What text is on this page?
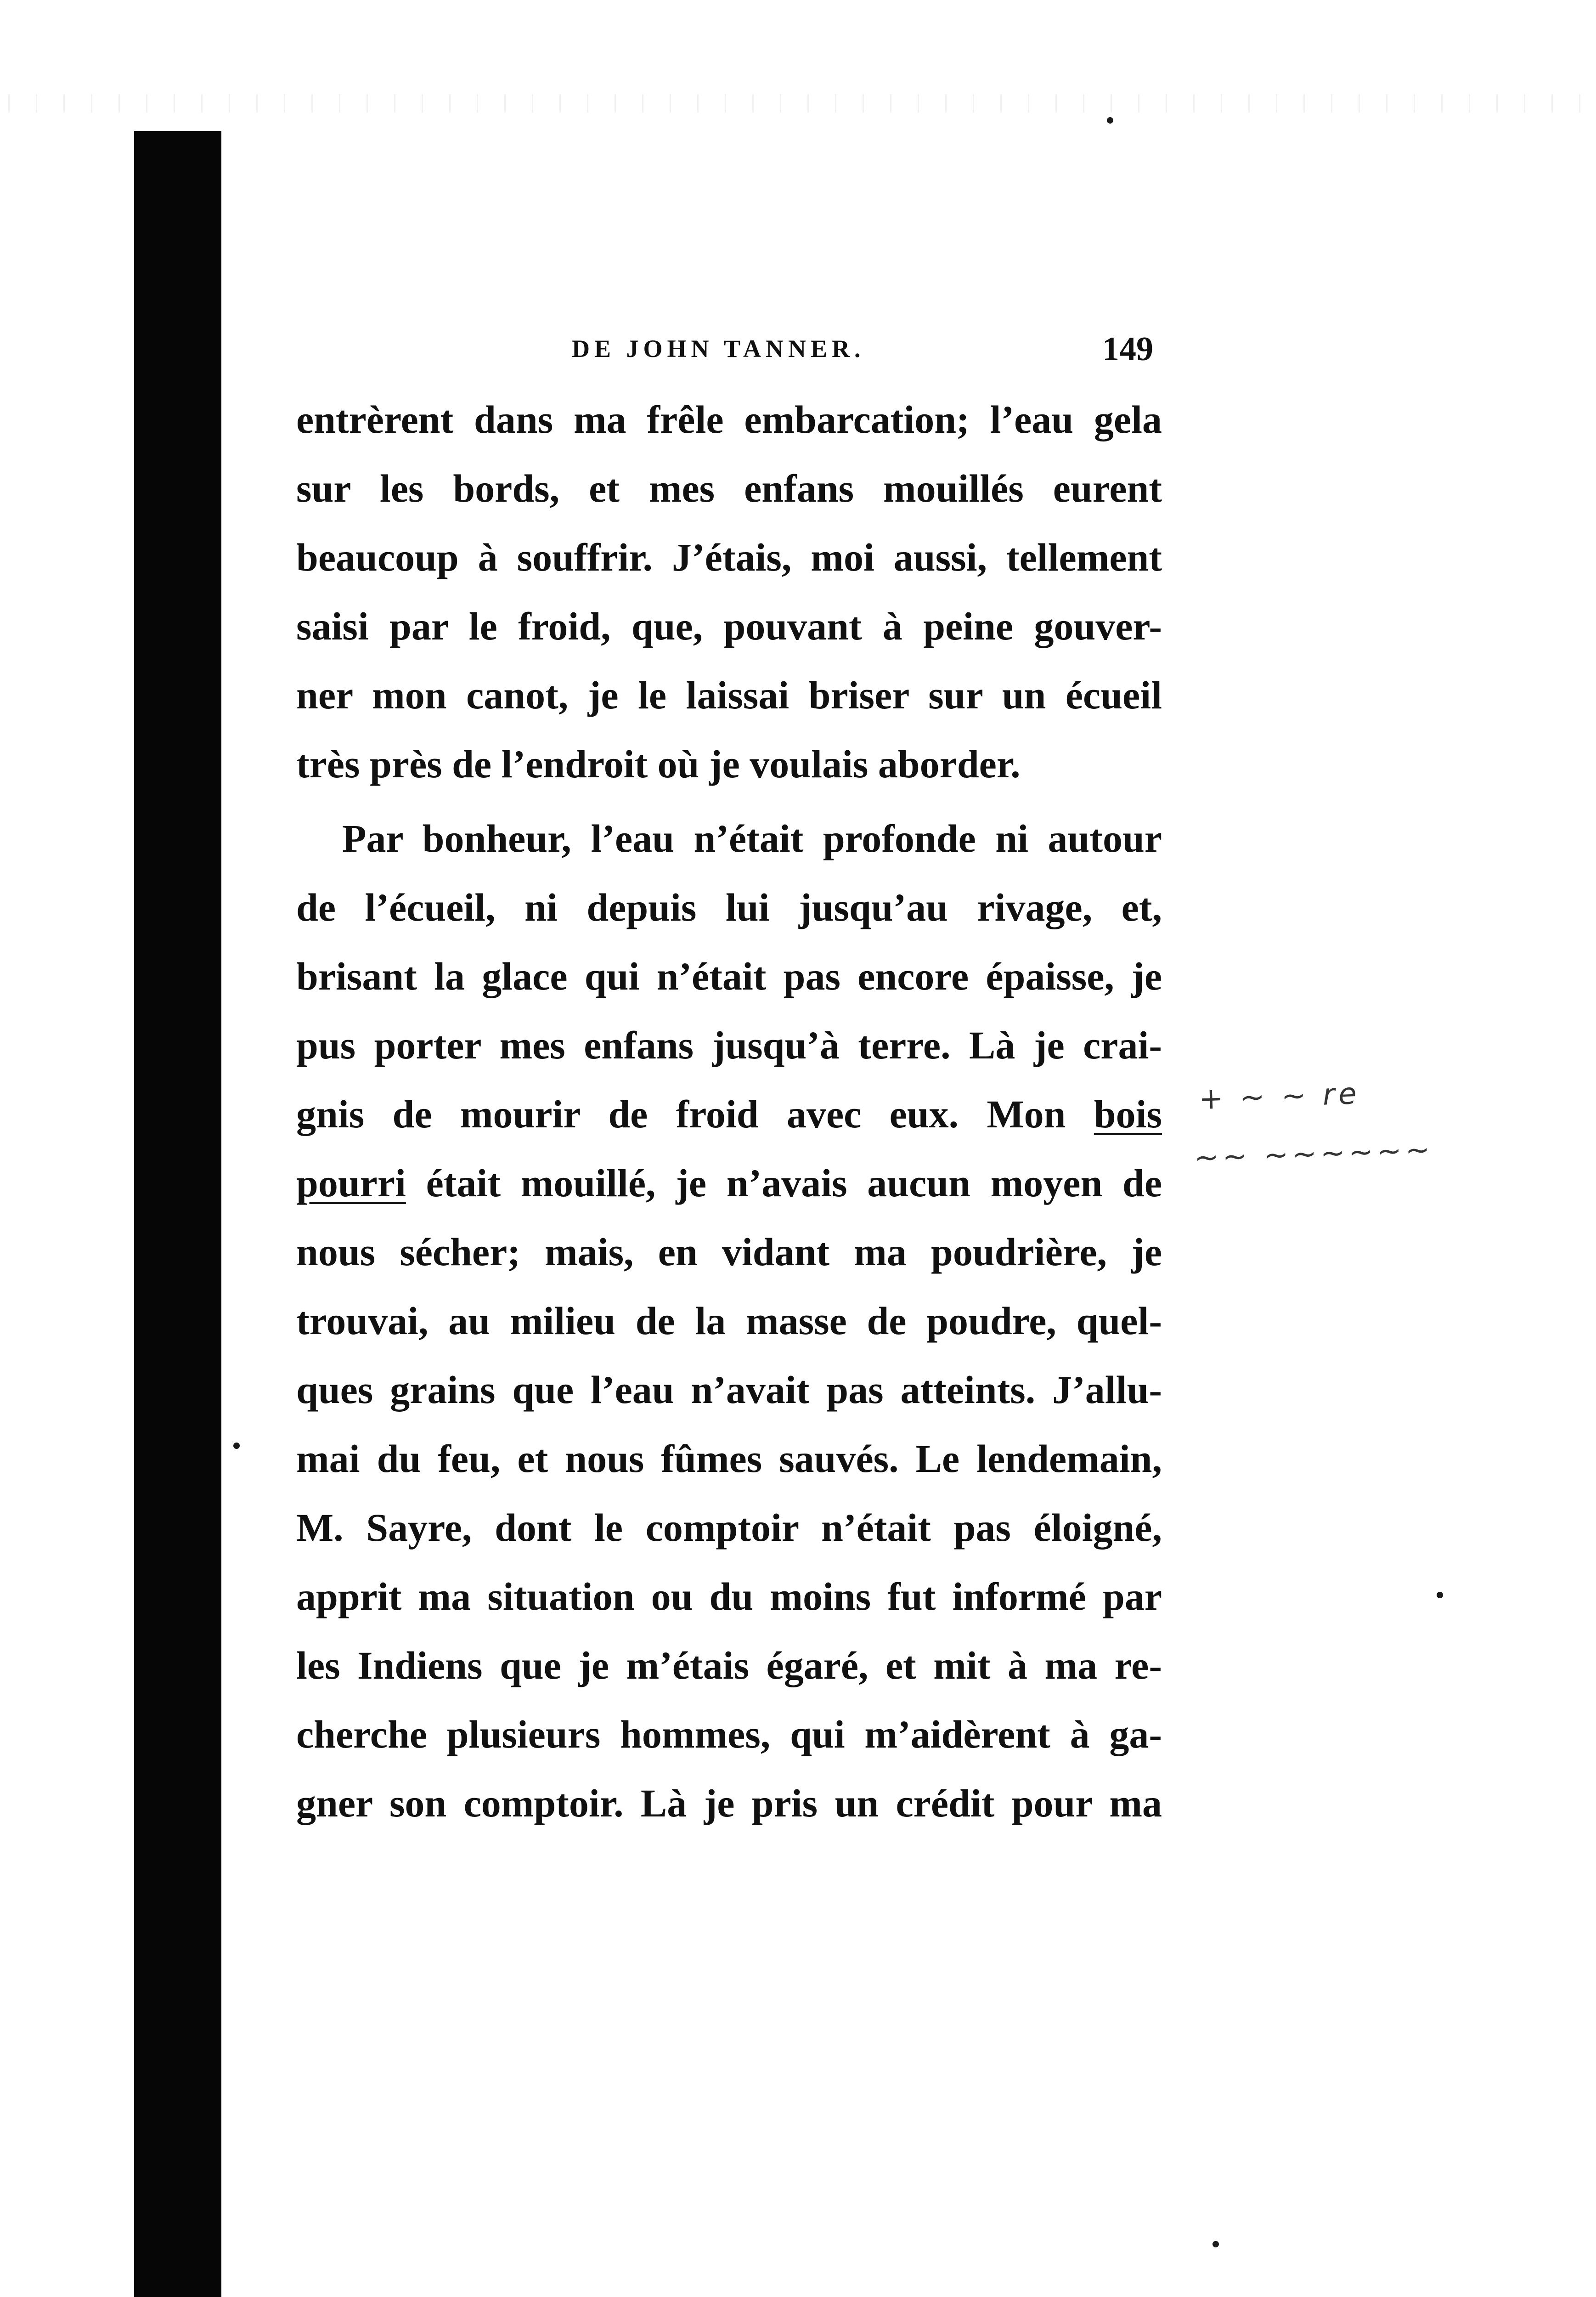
DE JOHN TANNER.	149
entrèrent dans ma frêle embarcation; l’eau gela
sur les bords, et mes enfans mouillés eurent
beaucoup à souffrir. J’étais, moi aussi, tellement
saisi par le froid, que, pouvant à peine gouver-
ner mon canot, je le laissai briser sur un écueil
très près de l’endroit où je voulais aborder.
Par bonheur, l’eau n’était profonde ni autour
de l’écueil, ni depuis lui jusqu’au rivage, et,
brisant la glace qui n’était pas encore épaisse, je
pus porter mes enfans jusqu’à terre. Là je crai-
gnis de mourir de froid avec eux. Mon bois
pourri était mouillé, je n’avais aucun moyen de
nous sécher; mais, en vidant ma poudrière, je
trouvai, au milieu de la masse de poudre, quel-
ques grains que l’eau n’avait pas atteints. J’allu-
mai du feu, et nous fûmes sauvés. Le lendemain,
M. Sayre, dont le comptoir n’était pas éloigné,
apprit ma situation ou du moins fut informé par
les Indiens que je m’étais égaré, et mit à ma re-
cherche plusieurs hommes, qui m’aidèrent à ga-
gner son comptoir. Là je pris un crédit pour ma
+ ~ ~ re
~~ ~~~~~~
